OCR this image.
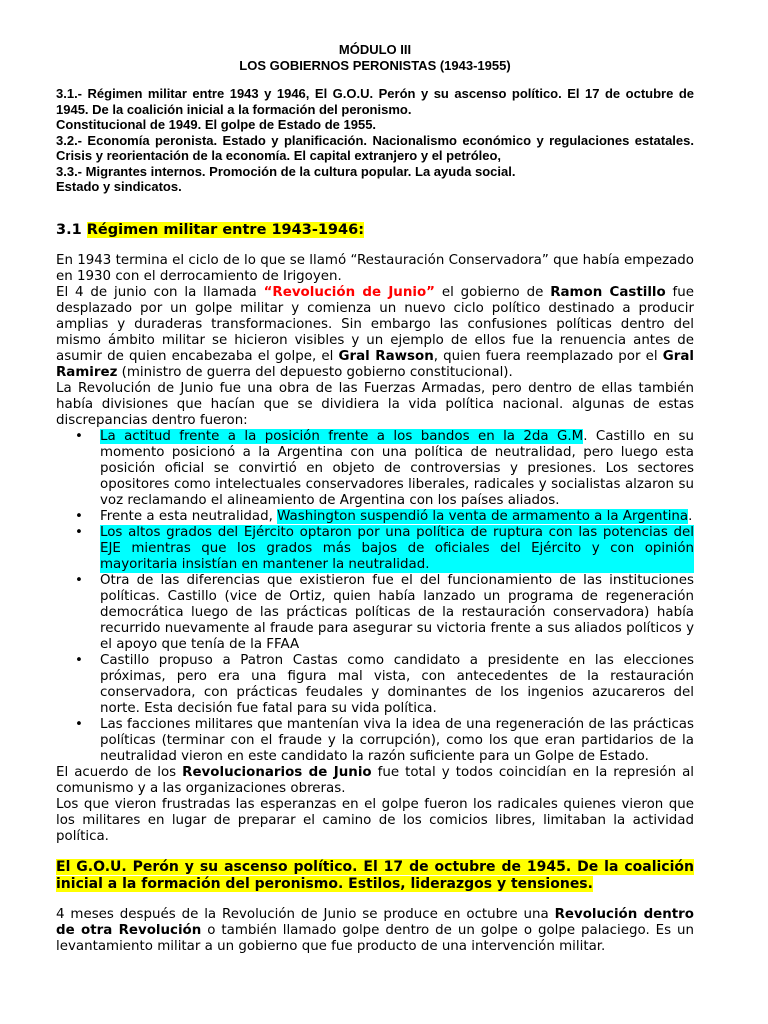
MÓDULO III
LOS GOBIERNOS PERONISTAS (1943-1955)

3.1.- Régimen militar entre 1943 y 1946, El G.O.U. Perón y su ascenso político. El 17 de octubre de 1945. De la coalición inicial a la formación del peronismo.

Constitucional de 1949. El golpe de Estado de 1955.

3.2.- Economía peronista. Estado y planificación. Nacionalismo económico y regulaciones estatales. Crisis y reorientación de la economía. El capital extranjero y el petróleo,

3.3.- Migrantes internos. Promoción de la cultura popular. La ayuda social.

Estado y sindicatos.

3.1 Régimen militar entre 1943-1946:

En 1943 termina el ciclo de lo que se llamó “Restauración Conservadora” que había empezado en 1930 con el derrocamiento de Irigoyen.

El 4 de junio con la llamada “Revolución de Junio” el gobierno de Ramon Castillo fue desplazado por un golpe militar y comienza un nuevo ciclo político destinado a producir amplias y duraderas transformaciones. Sin embargo las confusiones políticas dentro del mismo ámbito militar se hicieron visibles y un ejemplo de ellos fue la renuencia antes de asumir de quien encabezaba el golpe, el Gral Rawson, quien fuera reemplazado por el Gral Ramirez (ministro de guerra del depuesto gobierno constitucional).

La Revolución de Junio fue una obra de las Fuerzas Armadas, pero dentro de ellas también había divisiones que hacían que se dividiera la vida política nacional. algunas de estas discrepancias dentro fueron:

• La actitud frente a la posición frente a los bandos en la 2da G.M. Castillo en su momento posicionó a la Argentina con una política de neutralidad, pero luego esta posición oficial se convirtió en objeto de controversias y presiones. Los sectores opositores como intelectuales conservadores liberales, radicales y socialistas alzaron su voz reclamando el alineamiento de Argentina con los países aliados.
• Frente a esta neutralidad, Washington suspendió la venta de armamento a la Argentina.
• Los altos grados del Ejército optaron por una política de ruptura con las potencias del EJE mientras que los grados más bajos de oficiales del Ejército y con opinión mayoritaria insistían en mantener la neutralidad.
• Otra de las diferencias que existieron fue el del funcionamiento de las instituciones políticas. Castillo (vice de Ortiz, quien había lanzado un programa de regeneración democrática luego de las prácticas políticas de la restauración conservadora) había recurrido nuevamente al fraude para asegurar su victoria frente a sus aliados políticos y el apoyo que tenía de la FFAA
• Castillo propuso a Patron Castas como candidato a presidente en las elecciones próximas, pero era una figura mal vista, con antecedentes de la restauración conservadora, con prácticas feudales y dominantes de los ingenios azucareros del norte. Esta decisión fue fatal para su vida política.
• Las facciones militares que mantenían viva la idea de una regeneración de las prácticas políticas (terminar con el fraude y la corrupción), como los que eran partidarios de la neutralidad vieron en este candidato la razón suficiente para un Golpe de Estado.

El acuerdo de los Revolucionarios de Junio fue total y todos coincidían en la represión al comunismo y a las organizaciones obreras.

Los que vieron frustradas las esperanzas en el golpe fueron los radicales quienes vieron que los militares en lugar de preparar el camino de los comicios libres, limitaban la actividad política.

El G.O.U. Perón y su ascenso político. El 17 de octubre de 1945. De la coalición inicial a la formación del peronismo. Estilos, liderazgos y tensiones.

4 meses después de la Revolución de Junio se produce en octubre una Revolución dentro de otra Revolución o también llamado golpe dentro de un golpe o golpe palaciego. Es un levantamiento militar a un gobierno que fue producto de una intervención militar.
